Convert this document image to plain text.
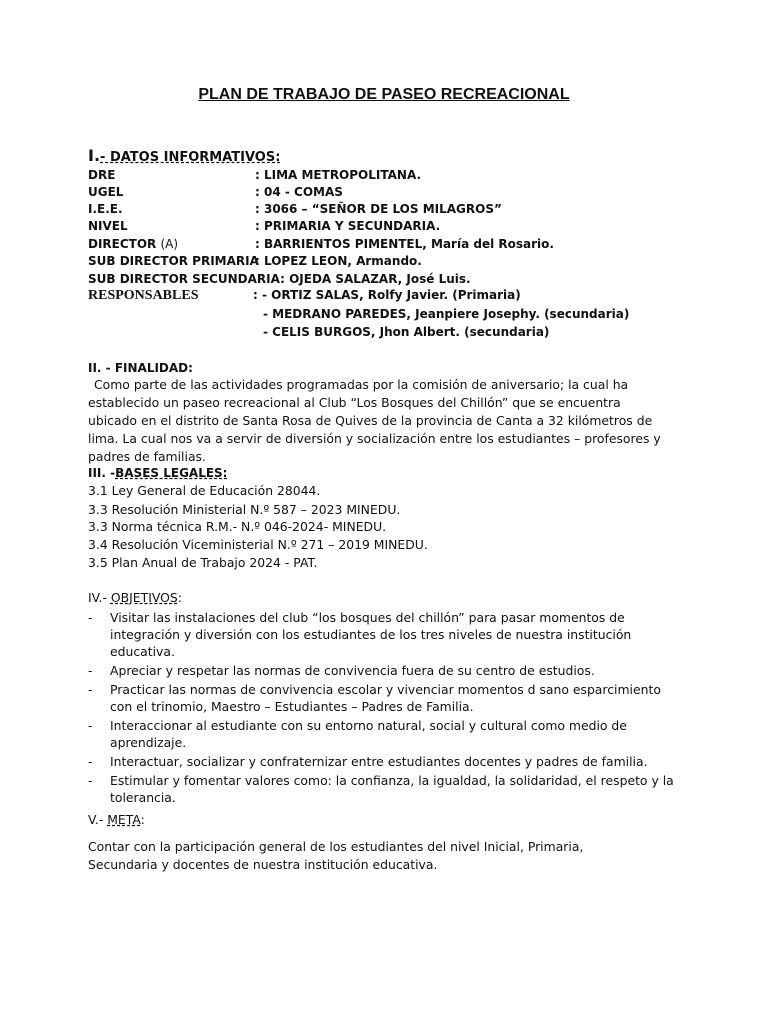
PLAN DE TRABAJO DE PASEO RECREACIONAL
I.- DATOS INFORMATIVOS:
DRE	: LIMA METROPOLITANA.
UGEL	: 04 - COMAS
I.E.E.	: 3066 – “SEÑOR DE LOS MILAGROS”
NIVEL	: PRIMARIA Y SECUNDARIA.
DIRECTOR (A)	: BARRIENTOS PIMENTEL, María del Rosario.
SUB DIRECTOR PRIMARIA: LOPEZ LEON, Armando.
SUB DIRECTOR SECUNDARIA: OJEDA SALAZAR, José Luis.
RESPONSABLES	: - ORTIZ SALAS, Rolfy Javier. (Primaria)
- MEDRANO PAREDES, Jeanpiere Josephy. (secundaria)
- CELIS BURGOS, Jhon Albert. (secundaria)
II. - FINALIDAD:
Como parte de las actividades programadas por la comisión de aniversario; la cual ha establecido un paseo recreacional al Club “Los Bosques del Chillón” que se encuentra ubicado en el distrito de Santa Rosa de Quives de la provincia de Canta a 32 kilómetros de lima. La cual nos va a servir de diversión y socialización entre los estudiantes – profesores y padres de familias.
III. -BASES LEGALES:
3.1 Ley General de Educación 28044.
3.3 Resolución Ministerial N.º 587 – 2023 MINEDU.
3.3 Norma técnica R.M.- N.º 046-2024- MINEDU.
3.4 Resolución Viceministerial N.º 271 – 2019 MINEDU.
3.5 Plan Anual de Trabajo 2024 - PAT.
IV.- OBJETIVOS:
- Visitar las instalaciones del club “los bosques del chillón” para pasar momentos de integración y diversión con los estudiantes de los tres niveles de nuestra institución educativa.
- Apreciar y respetar las normas de convivencia fuera de su centro de estudios.
- Practicar las normas de convivencia escolar y vivenciar momentos d sano esparcimiento con el trinomio, Maestro – Estudiantes – Padres de Familia.
- Interaccionar al estudiante con su entorno natural, social y cultural como medio de aprendizaje.
- Interactuar, socializar y confraternizar entre estudiantes docentes y padres de familia.
- Estimular y fomentar valores como: la confianza, la igualdad, la solidaridad, el respeto y la tolerancia.
V.- META:
Contar con la participación general de los estudiantes del nivel Inicial, Primaria, Secundaria y docentes de nuestra institución educativa.
